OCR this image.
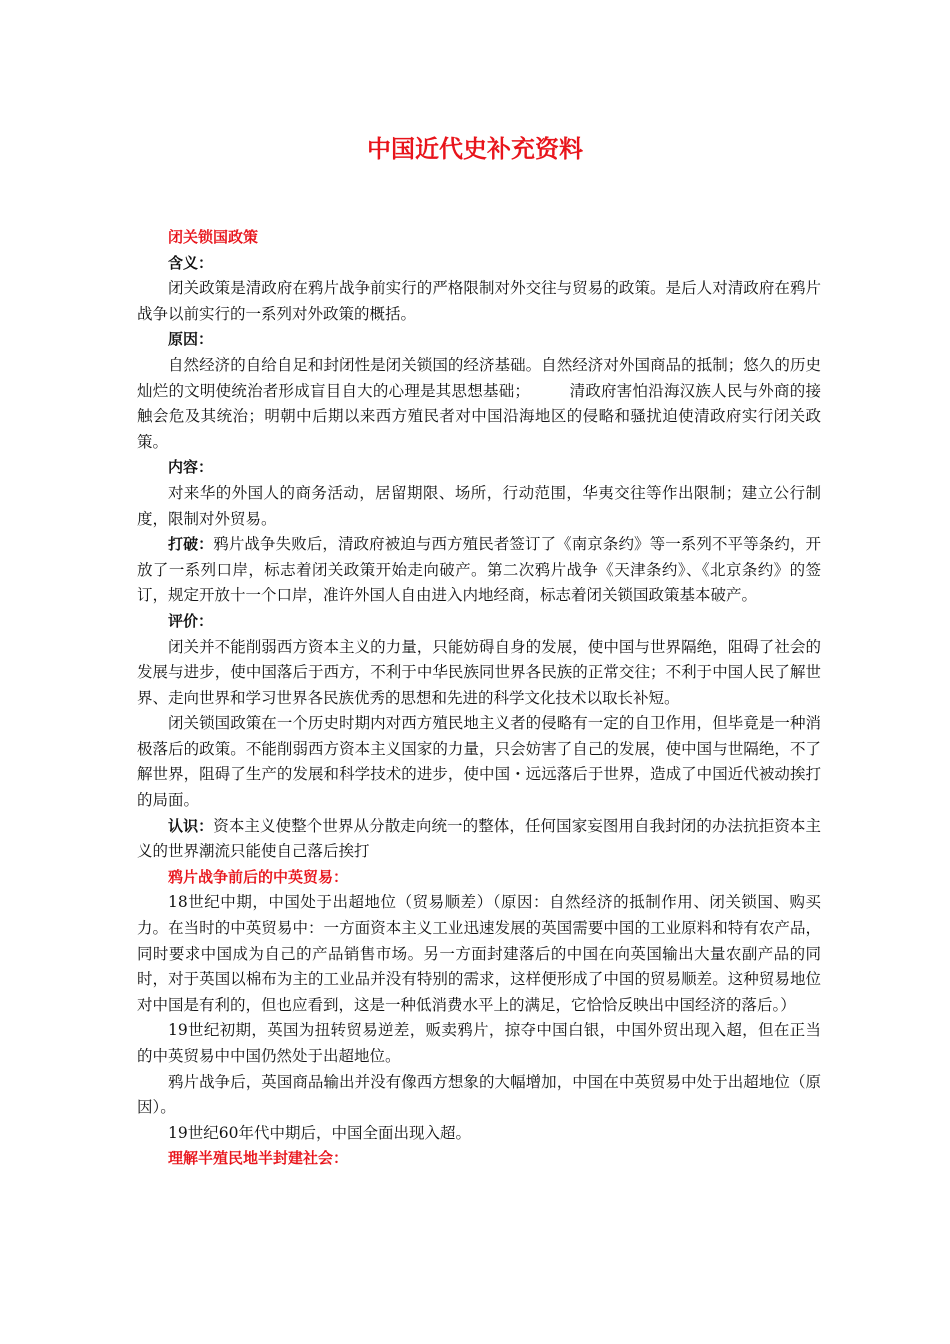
中国近代史补充资料

闭关锁国政策

含义：

闭关政策是清政府在鸦片战争前实行的严格限制对外交往与贸易的政策。是后人对清政府在鸦片战争以前实行的一系列对外政策的概括。

原因：

自然经济的自给自足和封闭性是闭关锁国的经济基础。自然经济对外国商品的抵制；悠久的历史灿烂的文明使统治者形成盲目自大的心理是其思想基础；　　　清政府害怕沿海汉族人民与外商的接触会危及其统治；明朝中后期以来西方殖民者对中国沿海地区的侵略和骚扰迫使清政府实行闭关政策。

内容：

对来华的外国人的商务活动，居留期限、场所，行动范围，华夷交往等作出限制；建立公行制度，限制对外贸易。

打破：鸦片战争失败后，清政府被迫与西方殖民者签订了《南京条约》等一系列不平等条约，开放了一系列口岸，标志着闭关政策开始走向破产。第二次鸦片战争《天津条约》、《北京条约》的签订，规定开放十一个口岸，准许外国人自由进入内地经商，标志着闭关锁国政策基本破产。

评价：

闭关并不能削弱西方资本主义的力量，只能妨碍自身的发展，使中国与世界隔绝，阻碍了社会的发展与进步，使中国落后于西方，不利于中华民族同世界各民族的正常交往；不利于中国人民了解世界、走向世界和学习世界各民族优秀的思想和先进的科学文化技术以取长补短。

闭关锁国政策在一个历史时期内对西方殖民地主义者的侵略有一定的自卫作用，但毕竟是一种消极落后的政策。不能削弱西方资本主义国家的力量，只会妨害了自己的发展，使中国与世隔绝，不了解世界，阻碍了生产的发展和科学技术的进步，使中国・远远落后于世界，造成了中国近代被动挨打的局面。

认识：资本主义使整个世界从分散走向统一的整体，任何国家妄图用自我封闭的办法抗拒资本主义的世界潮流只能使自己落后挨打

鸦片战争前后的中英贸易：

18世纪中期，中国处于出超地位（贸易顺差）（原因：自然经济的抵制作用、闭关锁国、购买力。在当时的中英贸易中：一方面资本主义工业迅速发展的英国需要中国的工业原料和特有农产品，同时要求中国成为自己的产品销售市场。另一方面封建落后的中国在向英国输出大量农副产品的同时，对于英国以棉布为主的工业品并没有特别的需求，这样便形成了中国的贸易顺差。这种贸易地位对中国是有利的，但也应看到，这是一种低消费水平上的满足，它恰恰反映出中国经济的落后。）

19世纪初期，英国为扭转贸易逆差，贩卖鸦片，掠夺中国白银，中国外贸出现入超，但在正当的中英贸易中中国仍然处于出超地位。

鸦片战争后，英国商品输出并没有像西方想象的大幅增加，中国在中英贸易中处于出超地位（原因）。

19世纪60年代中期后，中国全面出现入超。

理解半殖民地半封建社会：
